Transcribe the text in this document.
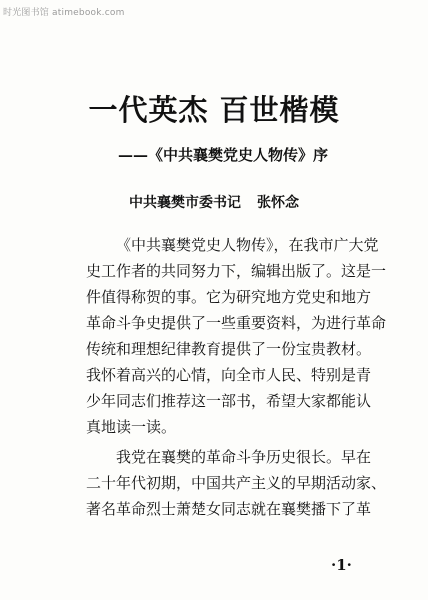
时光图书馆 atimebook.com
一代英杰 百世楷模
——《中共襄樊党史人物传》序
中共襄樊市委书记 张怀念
《中共襄樊党史人物传》，在我市广大党
史工作者的共同努力下，编辑出版了。这是一
件值得称贺的事。它为研究地方党史和地方
革命斗争史提供了一些重要资料，为进行革命
传统和理想纪律教育提供了一份宝贵教材。
我怀着高兴的心情，向全市人民、特别是青
少年同志们推荐这一部书，希望大家都能认
真地读一读。
我党在襄樊的革命斗争历史很长。早在
二十年代初期，中国共产主义的早期活动家、
著名革命烈士萧楚女同志就在襄樊播下了革
·1·
